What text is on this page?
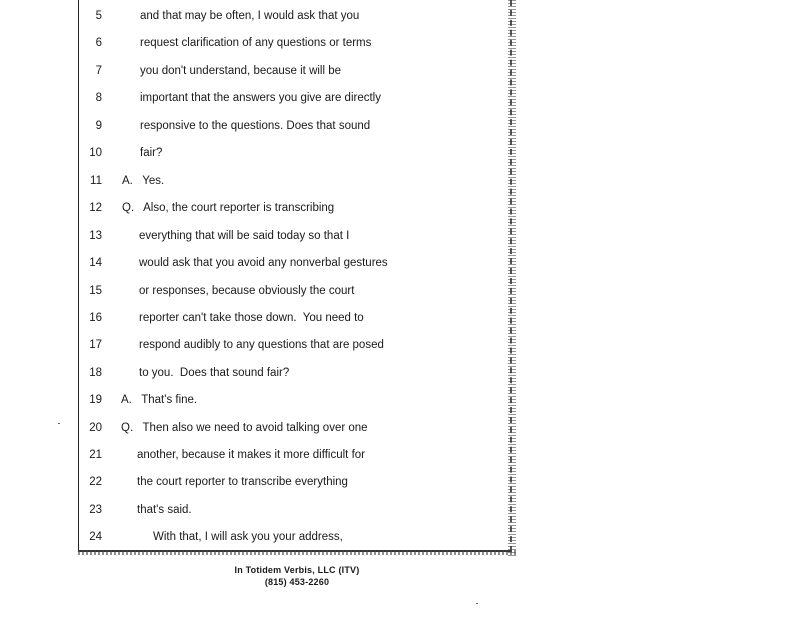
5	and that may be often, I would ask that you
6	request clarification of any questions or terms
7	you don't understand, because it will be
8	important that the answers you give are directly
9	responsive to the questions. Does that sound
10	fair?
11 A.   Yes.
12 Q.   Also, the court reporter is transcribing
13	everything that will be said today so that I
14	would ask that you avoid any nonverbal gestures
15	or responses, because obviously the court
16	reporter can't take those down.  You need to
17	respond audibly to any questions that are posed
18	to you.  Does that sound fair?
19 A.   That's fine.
20 Q.   Then also we need to avoid talking over one
21	another, because it makes it more difficult for
22	the court reporter to transcribe everything
23	that's said.
24	With that, I will ask you your address,
In Totidem Verbis, LLC (ITV)
(815) 453-2260
